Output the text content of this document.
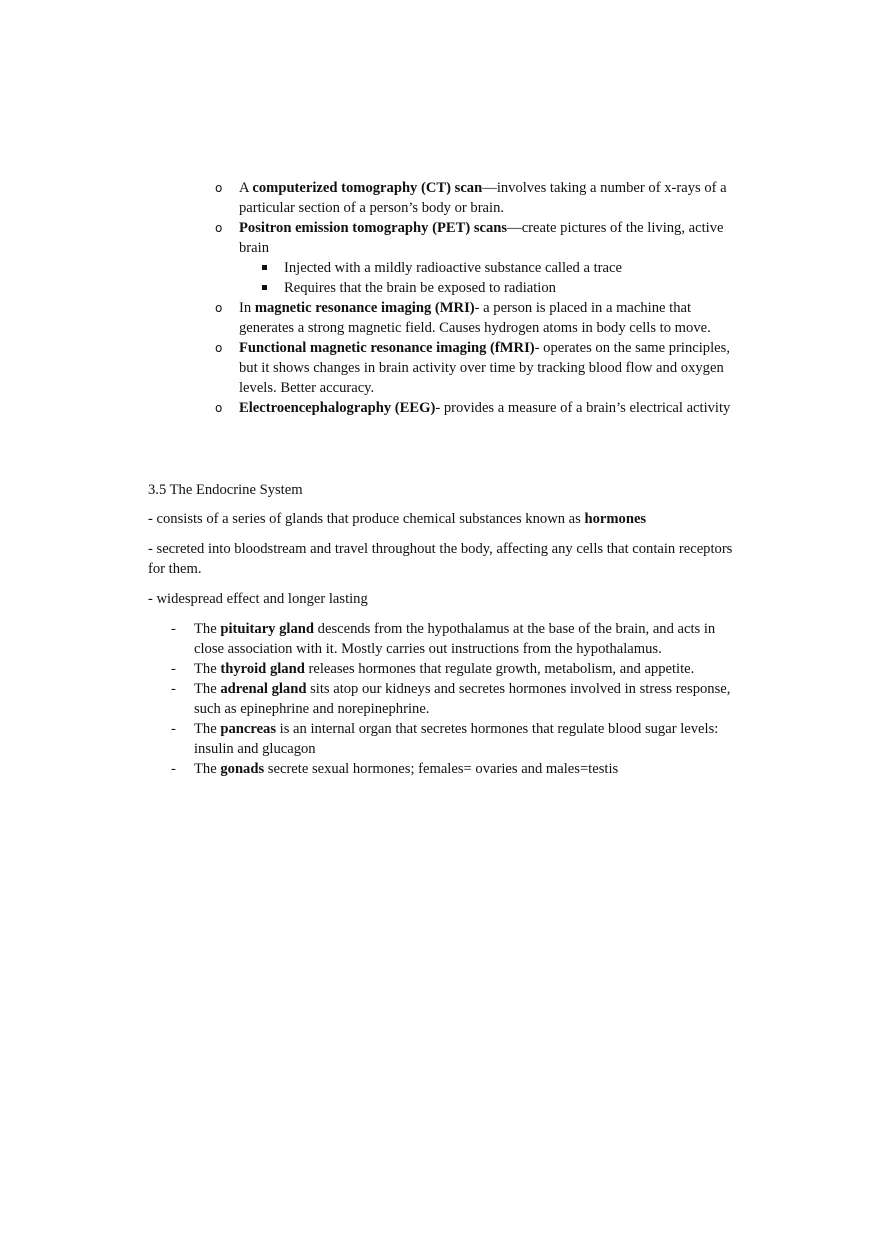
o A computerized tomography (CT) scan—involves taking a number of x-rays of a particular section of a person’s body or brain.
o Positron emission tomography (PET) scans—create pictures of the living, active brain
Injected with a mildly radioactive substance called a trace
Requires that the brain be exposed to radiation
o In magnetic resonance imaging (MRI)- a person is placed in a machine that generates a strong magnetic field. Causes hydrogen atoms in body cells to move.
o Functional magnetic resonance imaging (fMRI)- operates on the same principles, but it shows changes in brain activity over time by tracking blood flow and oxygen levels. Better accuracy.
o Electroencephalography (EEG)- provides a measure of a brain’s electrical activity
3.5 The Endocrine System

- consists of a series of glands that produce chemical substances known as hormones

- secreted into bloodstream and travel throughout the body, affecting any cells that contain receptors for them.

- widespread effect and longer lasting

- The pituitary gland descends from the hypothalamus at the base of the brain, and acts in close association with it. Mostly carries out instructions from the hypothalamus.
- The thyroid gland releases hormones that regulate growth, metabolism, and appetite.
- The adrenal gland sits atop our kidneys and secretes hormones involved in stress response, such as epinephrine and norepinephrine.
- The pancreas is an internal organ that secretes hormones that regulate blood sugar levels: insulin and glucagon
- The gonads secrete sexual hormones; females= ovaries and males=testis
